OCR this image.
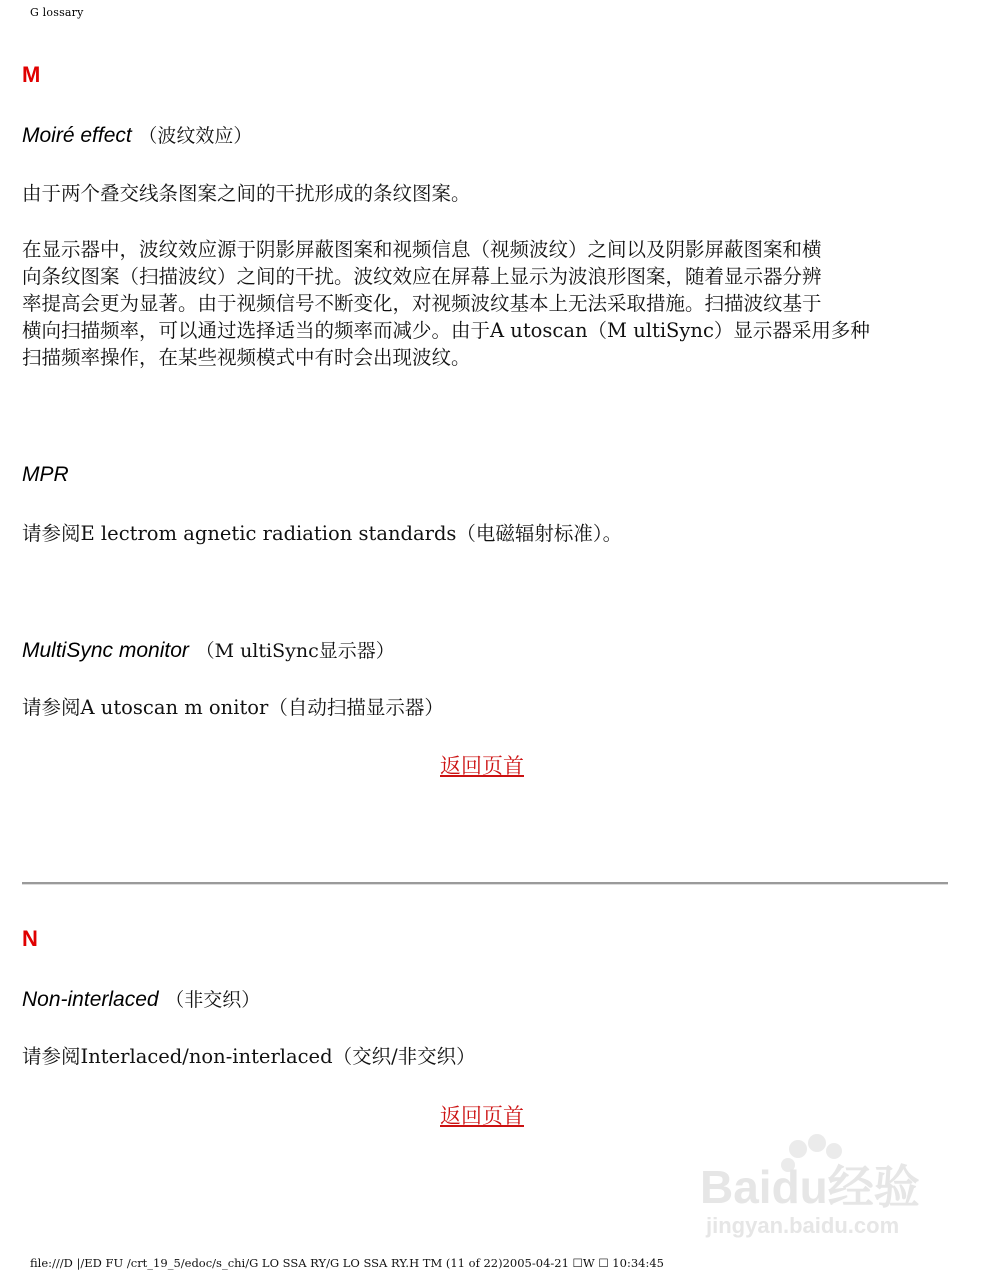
G lossary
M
Moiré effect （波纹效应）
由于两个叠交线条图案之间的干扰形成的条纹图案。
在显示器中，波纹效应源于阴影屏蔽图案和视频信息（视频波纹）之间以及阴影屏蔽图案和横
向条纹图案（扫描波纹）之间的干扰。波纹效应在屏幕上显示为波浪形图案，随着显示器分辨
率提高会更为显著。由于视频信号不断变化，对视频波纹基本上无法采取措施。扫描波纹基于
横向扫描频率，可以通过选择适当的频率而减少。由于A utoscan（M ultiSync）显示器采用多种
扫描频率操作，在某些视频模式中有时会出现波纹。
MPR
请参阅E lectrom agnetic radiation standards（电磁辐射标准）。
MultiSync monitor （M ultiSync显示器）
请参阅A utoscan m onitor（自动扫描显示器）
返回页首
N
Non-interlaced （非交织）
请参阅Interlaced/non-interlaced（交织/非交织）
返回页首
Baidu经验
jingyan.baidu.com
file:///D |/ED FU /crt_19_5/edoc/s_chi/G LO SSA RY/G LO SSA RY.H TM (11 of 22)2005-04-21 ☐W ☐ 10:34:45
